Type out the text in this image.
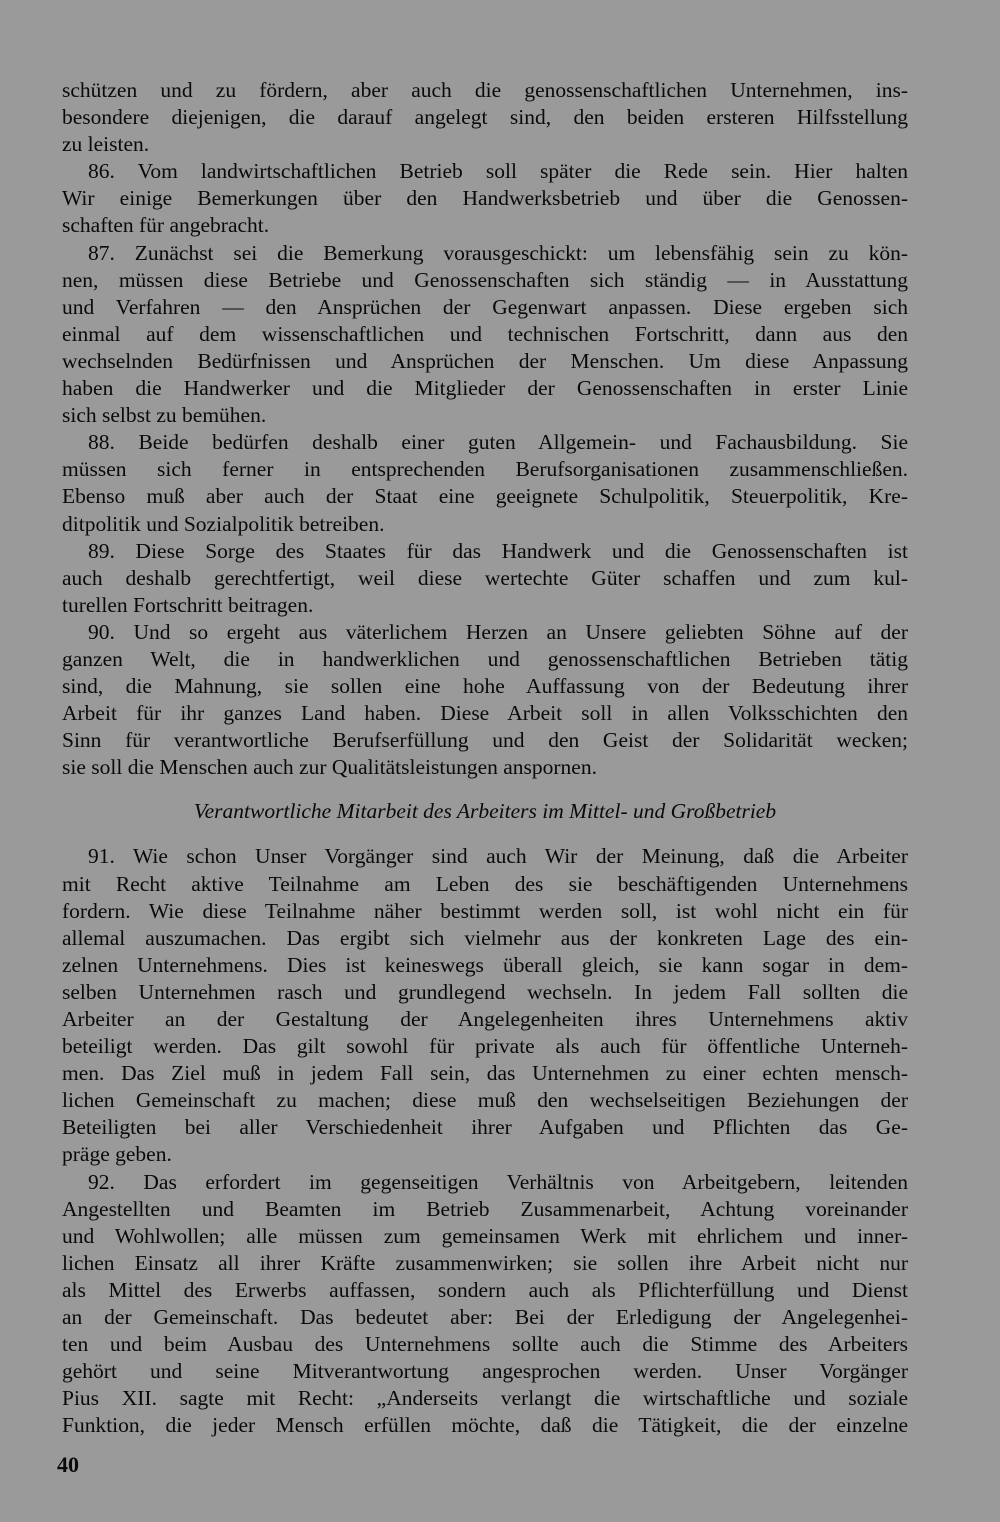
schützen und zu fördern, aber auch die genossenschaftlichen Unternehmen, ins-
besondere diejenigen, die darauf angelegt sind, den beiden ersteren Hilfsstellung
zu leisten.
86. Vom landwirtschaftlichen Betrieb soll später die Rede sein. Hier halten
Wir einige Bemerkungen über den Handwerksbetrieb und über die Genossen-
schaften für angebracht.
87. Zunächst sei die Bemerkung vorausgeschickt: um lebensfähig sein zu kön-
nen, müssen diese Betriebe und Genossenschaften sich ständig — in Ausstattung
und Verfahren — den Ansprüchen der Gegenwart anpassen. Diese ergeben sich
einmal auf dem wissenschaftlichen und technischen Fortschritt, dann aus den
wechselnden Bedürfnissen und Ansprüchen der Menschen. Um diese Anpassung
haben die Handwerker und die Mitglieder der Genossenschaften in erster Linie
sich selbst zu bemühen.
88. Beide bedürfen deshalb einer guten Allgemein- und Fachausbildung. Sie
müssen sich ferner in entsprechenden Berufsorganisationen zusammenschließen.
Ebenso muß aber auch der Staat eine geeignete Schulpolitik, Steuerpolitik, Kre-
ditpolitik und Sozialpolitik betreiben.
89. Diese Sorge des Staates für das Handwerk und die Genossenschaften ist
auch deshalb gerechtfertigt, weil diese wertechte Güter schaffen und zum kul-
turellen Fortschritt beitragen.
90. Und so ergeht aus väterlichem Herzen an Unsere geliebten Söhne auf der
ganzen Welt, die in handwerklichen und genossenschaftlichen Betrieben tätig
sind, die Mahnung, sie sollen eine hohe Auffassung von der Bedeutung ihrer
Arbeit für ihr ganzes Land haben. Diese Arbeit soll in allen Volksschichten den
Sinn für verantwortliche Berufserfüllung und den Geist der Solidarität wecken;
sie soll die Menschen auch zur Qualitätsleistungen anspornen.
Verantwortliche Mitarbeit des Arbeiters im Mittel- und Großbetrieb
91. Wie schon Unser Vorgänger sind auch Wir der Meinung, daß die Arbeiter
mit Recht aktive Teilnahme am Leben des sie beschäftigenden Unternehmens
fordern. Wie diese Teilnahme näher bestimmt werden soll, ist wohl nicht ein für
allemal auszumachen. Das ergibt sich vielmehr aus der konkreten Lage des ein-
zelnen Unternehmens. Dies ist keineswegs überall gleich, sie kann sogar in dem-
selben Unternehmen rasch und grundlegend wechseln. In jedem Fall sollten die
Arbeiter an der Gestaltung der Angelegenheiten ihres Unternehmens aktiv
beteiligt werden. Das gilt sowohl für private als auch für öffentliche Unterneh-
men. Das Ziel muß in jedem Fall sein, das Unternehmen zu einer echten mensch-
lichen Gemeinschaft zu machen; diese muß den wechselseitigen Beziehungen der
Beteiligten bei aller Verschiedenheit ihrer Aufgaben und Pflichten das Ge-
präge geben.
92. Das erfordert im gegenseitigen Verhältnis von Arbeitgebern, leitenden
Angestellten und Beamten im Betrieb Zusammenarbeit, Achtung voreinander
und Wohlwollen; alle müssen zum gemeinsamen Werk mit ehrlichem und inner-
lichen Einsatz all ihrer Kräfte zusammenwirken; sie sollen ihre Arbeit nicht nur
als Mittel des Erwerbs auffassen, sondern auch als Pflichterfüllung und Dienst
an der Gemeinschaft. Das bedeutet aber: Bei der Erledigung der Angelegenhei-
ten und beim Ausbau des Unternehmens sollte auch die Stimme des Arbeiters
gehört und seine Mitverantwortung angesprochen werden. Unser Vorgänger
Pius XII. sagte mit Recht: „Anderseits verlangt die wirtschaftliche und soziale
Funktion, die jeder Mensch erfüllen möchte, daß die Tätigkeit, die der einzelne
40
